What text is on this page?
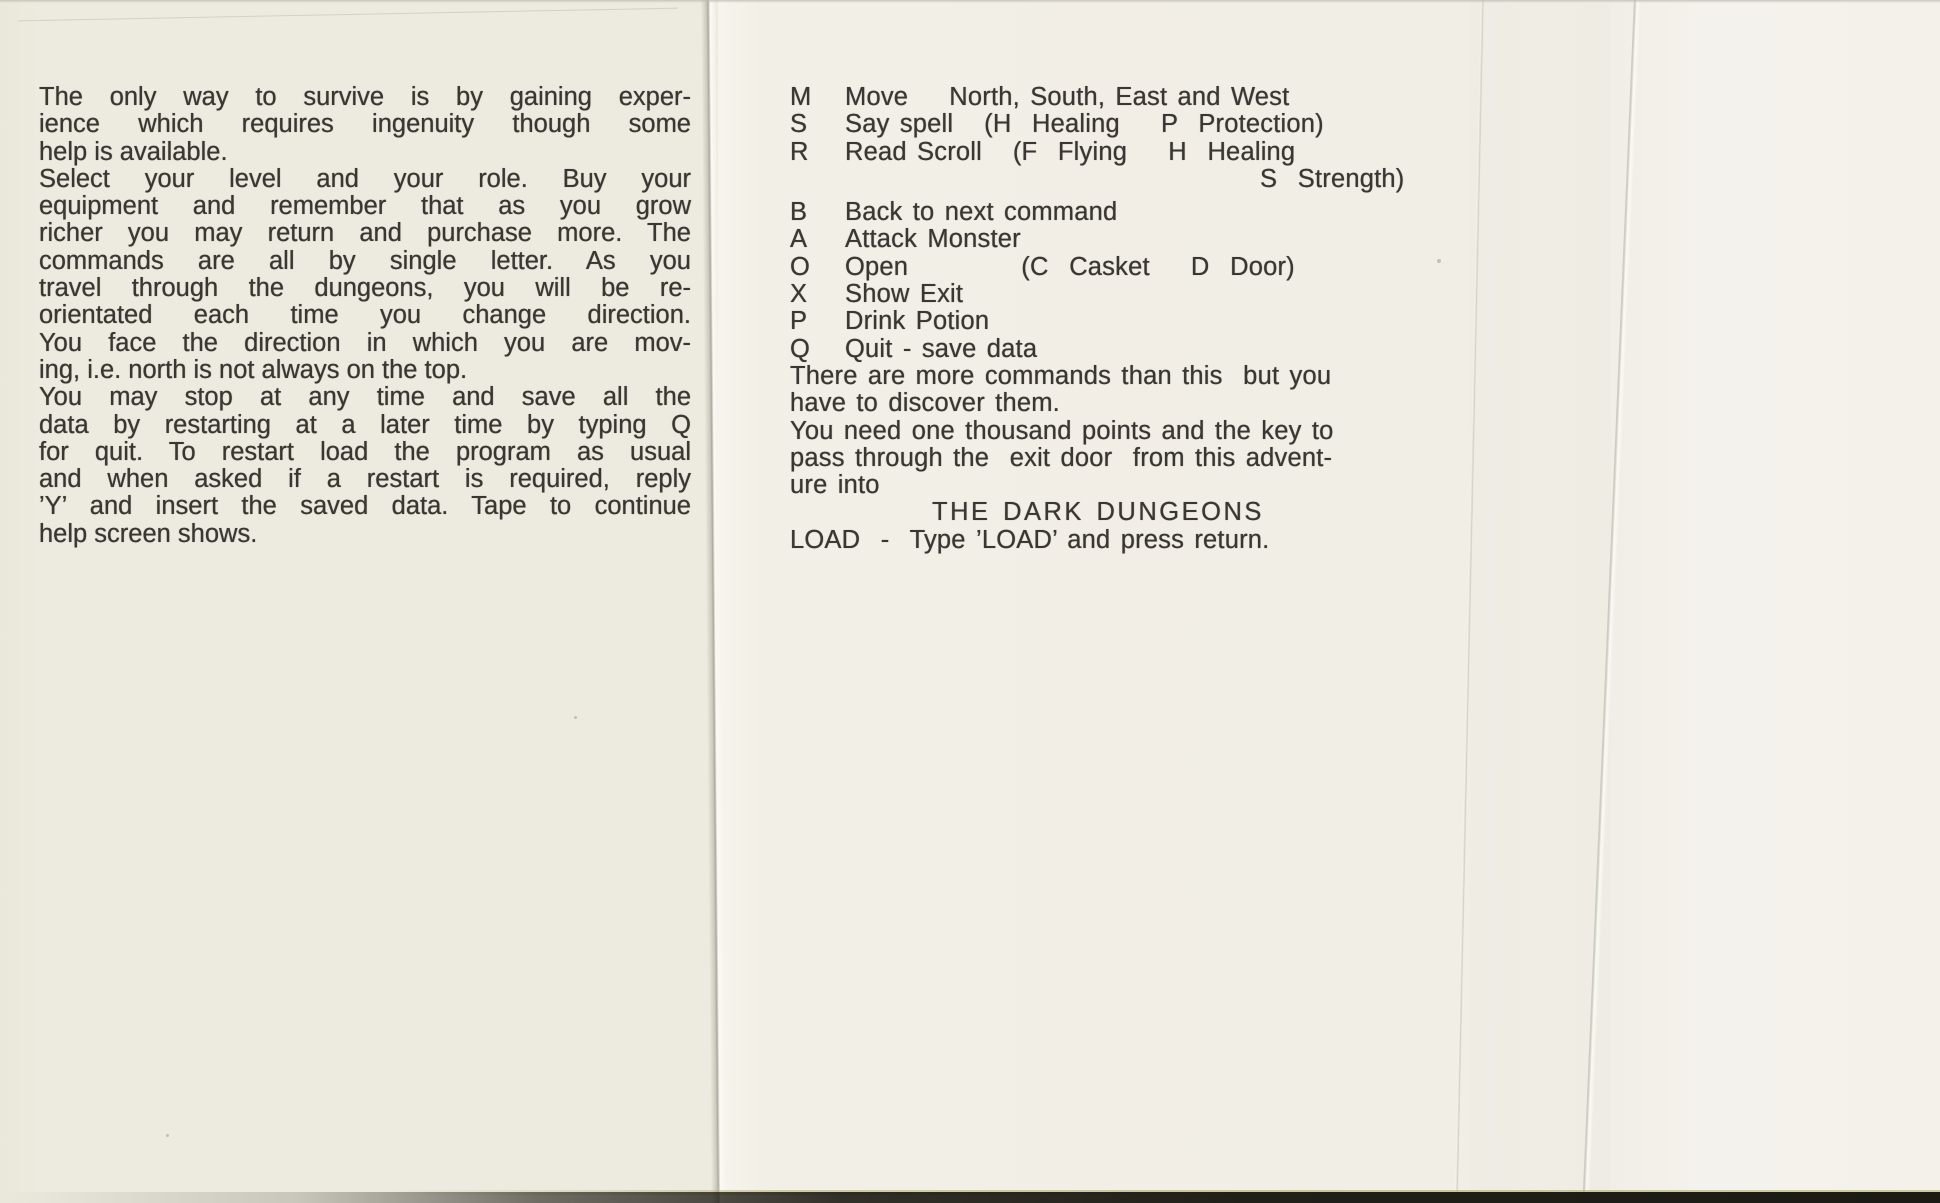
The only way to survive is by gaining exper-
ience which requires ingenuity though some
help is available.
Select your level and your role. Buy your
equipment and remember that as you grow
richer you may return and purchase more. The
commands are all by single letter. As you
travel through the dungeons, you will be re-
orientated each time you change direction.
You face the direction in which you are mov-
ing, i.e. north is not always on the top.
You may stop at any time and save all the
data by restarting at a later time by typing Q
for quit. To restart load the program as usual
and when asked if a restart is required, reply
’Y’ and insert the saved data. Tape to continue
help screen shows.
M	Move    North, South, East and West
S	Say spell   (H  Healing    P  Protection)
R	Read Scroll   (F  Flying    H  Healing
S  Strength)
B	Back to next command
A	Attack Monster
O	Open           (C  Casket    D  Door)
X	Show Exit
P	Drink Potion
Q	Quit - save data
There are more commands than this  but you
have to discover them.
You need one thousand points and the key to
pass through the  exit door  from this advent-
ure into
THE DARK DUNGEONS
LOAD  -  Type ’LOAD’ and press return.
